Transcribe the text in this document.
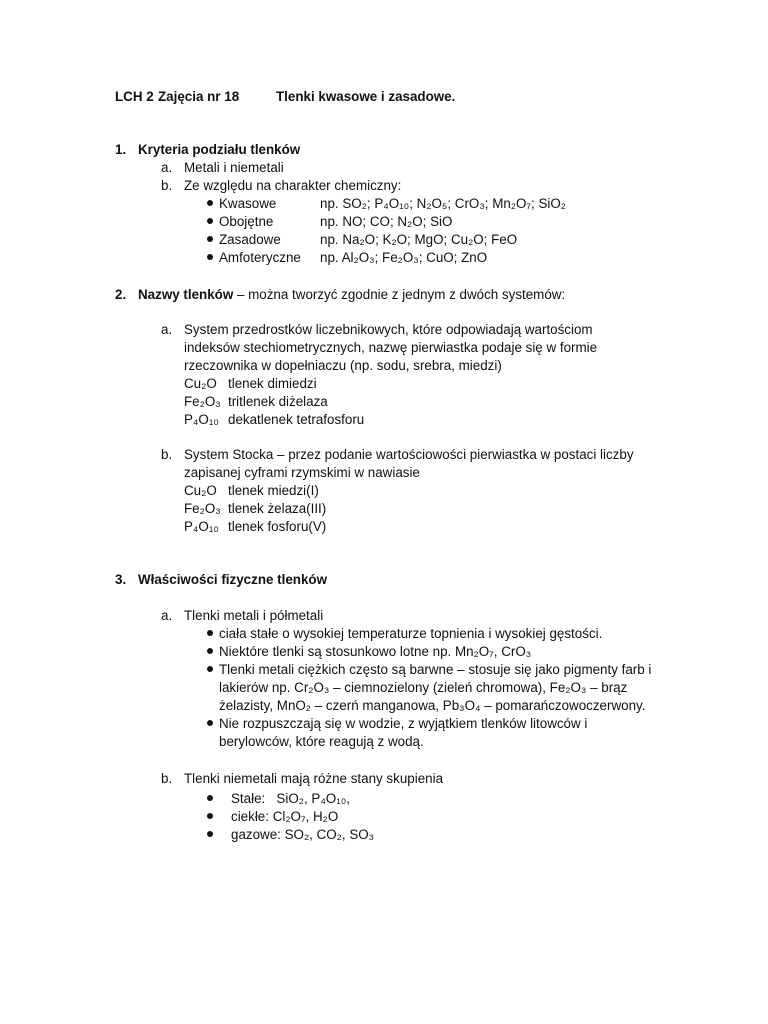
LCH 2 Zajęcia nr 18	Tlenki kwasowe i zasadowe.
1. Kryteria podziału tlenków
a. Metali i niemetali
b. Ze względu na charakter chemiczny:
Kwasowe	np. SO₂; P₄O₁₀; N₂O₅; CrO₃; Mn₂O₇; SiO₂
Obojętne	np. NO; CO; N₂O; SiO
Zasadowe	np. Na₂O; K₂O; MgO; Cu₂O; FeO
Amfoteryczne np. Al₂O₃; Fe₂O₃; CuO; ZnO
2. Nazwy tlenków – można tworzyć zgodnie z jednym z dwóch systemów:
a. System przedrostków liczebnikowych, które odpowiadają wartościom
indeksów stechiometrycznych, nazwę pierwiastka podaje się w formie
rzeczownika w dopełniaczu (np. sodu, srebra, miedzi)
Cu₂O tlenek dimiedzi
Fe₂O₃ tritlenek diżelaza
P₄O₁₀ dekatlenek tetrafosforu
b. System Stocka – przez podanie wartościowości pierwiastka w postaci liczby
zapisanej cyframi rzymskimi w nawiasie
Cu₂O tlenek miedzi(I)
Fe₂O₃ tlenek żelaza(III)
P₄O₁₀ tlenek fosforu(V)
3. Właściwości fizyczne tlenków
a. Tlenki metali i półmetali
ciała stałe o wysokiej temperaturze topnienia i wysokiej gęstości.
Niektóre tlenki są stosunkowo lotne np. Mn₂O₇, CrO₃
Tlenki metali ciężkich często są barwne – stosuje się jako pigmenty farb i
lakierów np. Cr₂O₃ – ciemnozielony (zieleń chromowa), Fe₂O₃ – brąz
żelazisty, MnO₂ – czerń manganowa, Pb₃O₄ – pomarańczowoczerwony.
Nie rozpuszczają się w wodzie, z wyjątkiem tlenków litowców i
berylowców, które reagują z wodą.
b. Tlenki niemetali mają różne stany skupienia
Stałe: SiO₂, P₄O₁₀,
ciekłe: Cl₂O₇, H₂O
gazowe: SO₂, CO₂, SO₃
